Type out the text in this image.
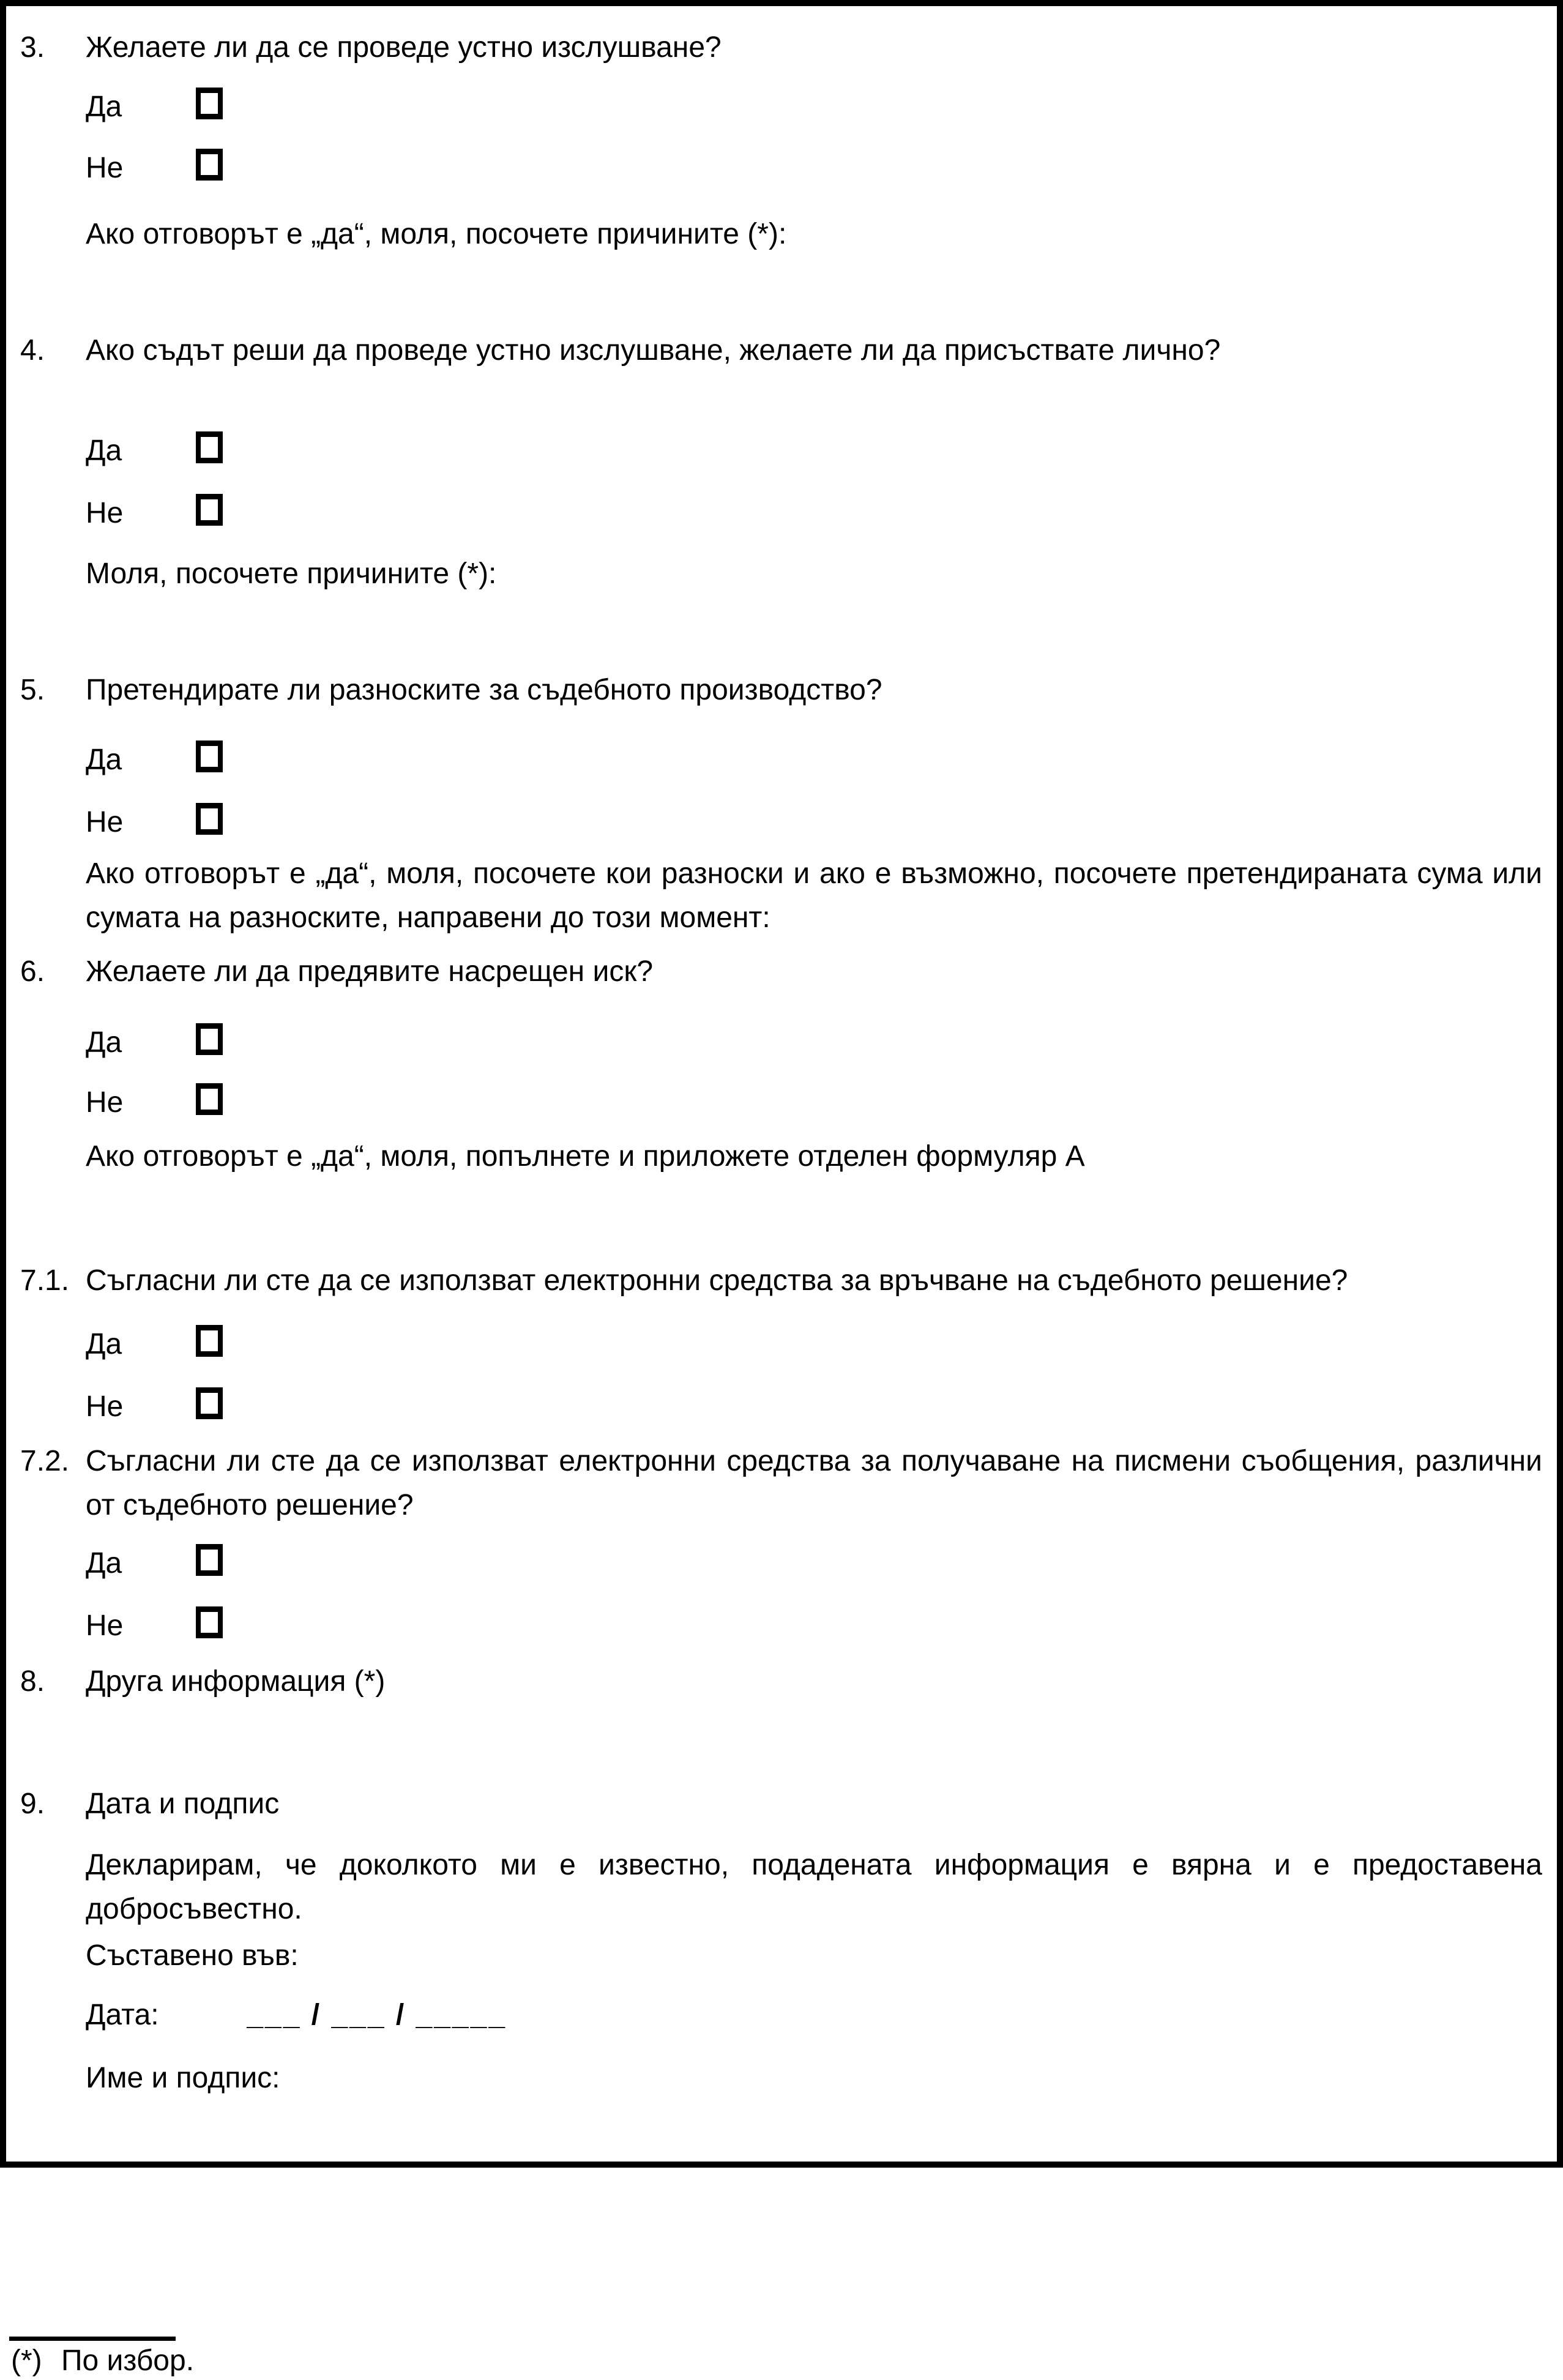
3.	Желаете ли да се проведе устно изслушване?
Да
Не
Ако отговорът е „да“, моля, посочете причините (*):
4.	Ако съдът реши да проведе устно изслушване, желаете ли да присъствате лично?
Да
Не
Моля, посочете причините (*):
5.	Претендирате ли разноските за съдебното производство?
Да
Не
Ако отговорът е „да“, моля, посочете кои разноски и ако е възможно, посочете претендираната сума или сумата на разноските, направени до този момент:
6.	Желаете ли да предявите насрещен иск?
Да
Не
Ако отговорът е „да“, моля, попълнете и приложете отделен формуляр А
7.1. Съгласни ли сте да се използват електронни средства за връчване на съдебното решение?
Да
Не
7.2. Съгласни ли сте да се използват електронни средства за получаване на писмени съобщения, различни от съдебното решение?
Да
Не
8.	Друга информация (*)
9.	Дата и подпис
Декларирам, че доколкото ми е известно, подадената информация е вярна и е предоставена добросъвестно.
Съставено във:
Дата:	___ / ___ / _____
Име и подпис:
(*) По избор.
